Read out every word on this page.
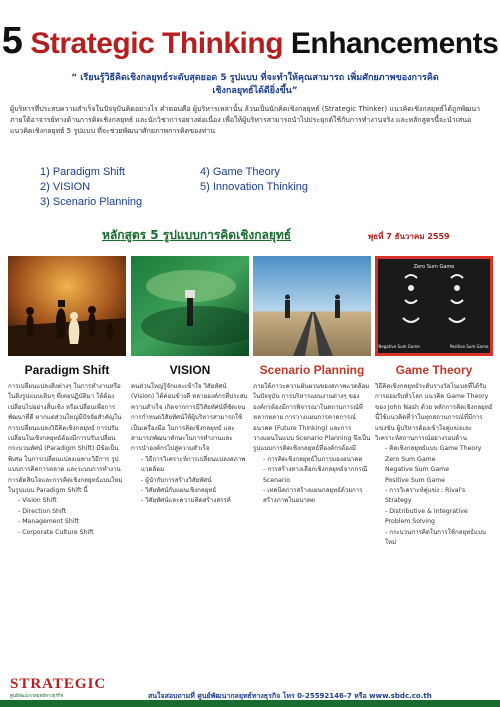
5 Strategic Thinking Enhancements
“ เรียนรู้วิธีคิดเชิงกลยุทธ์ระดับสุดยอด 5 รูปแบบ ที่จะทำให้คุณสามารถ เพิ่มศักยภาพของการคิดเชิงกลยุทธ์ได้ดียิ่งขึ้น”
ผู้บริหารที่ประสบความสำเร็จในปัจจุบันคิดอย่างไร คำตอบคือ ผู้บริหารเหล่านั้น ล้วนเป็นนักคิดเชิงกลยุทธ์ (Strategic Thinker) แนวคิดเชิงกลยุทธ์ได้ถูกพัฒนาภายใต้อาจารย์ทางด้านการคิดเชิงกลยุทธ์ และนักวิชาการอย่างต่อเนื่อง เพื่อให้ผู้บริหารสามารถนำไปประยุกต์ใช้กับการทำงานจริง และหลักสูตรนี้จะนำเสนอแนวคิดเชิงกลยุทธ์ 5 รูปแบบ ที่จะช่วยพัฒนาศักยภาพการคิดของท่าน
1) Paradigm Shift
2) VISION
3) Scenario Planning
4) Game Theory
5) Innovation Thinking
หลักสูตร 5 รูปแบบการคิดเชิงกลยุทธ์	พุธที่ 7 ธันวาคม 2559
Paradigm Shift
การเปลี่ยนแปลงสิ่งต่างๆ ในการทำงานหรือในสิ่งรูปแบบเดิมๆ ที่เคยปฏิบัติมา ให้ต้องเปลี่ยนไปอย่างสิ้นเชิง หรือเปลี่ยนเพื่อการพัฒนาที่ดี หากแต่ส่วนใหญ่มีปัจจัยสำคัญในการเปลี่ยนแปลงวิธีคิดเชิงกลยุทธ์ การปรับเปลี่ยนในเชิงกลยุทธ์ต้องมีการปรับเปลี่ยนกระบวนทัศน์ (Paradigm Shift) มีข้อเป็นพิเศษ ในการเปลี่ยนแปลงเฉพาะวิธีการ รูปแบบการคิดการตลาด และระบบการทำงาน การตัดสินใจและการคิดเชิงกลยุทธ์แบบใหม่ ในรูปแบบ Paradigm Shift นี้
- Vision Shift
- Direction Shift
- Management Shift
- Corporate Culture Shift
VISION
คนส่วนใหญ่รู้จักและเข้าใจ วิสัยทัศน์ (Vision) ได้ค่อนข้างดี หลายองค์กรที่ประสบความสำเร็จ เกิดจากการมีวิสัยทัศน์ที่ชัดเจน การกำหนดวิสัยทัศน์ให้ผู้บริหารสามารถใช้เป็นเครื่องมือ ในการคิดเชิงกลยุทธ์ และสามารถพัฒนาทักษะในการทำงานและการนำองค์กรไปสู่ความสำเร็จ
- วิธีการวิเคราะห์การเปลี่ยนแปลงสภาพแวดล้อม
- ผู้นำกับการสร้างวิสัยทัศน์
- วิสัยทัศน์กับแผนเชิงกลยุทธ์
- วิสัยทัศน์และความคิดสร้างสรรค์
Scenario Planning
ภายใต้ภาวะความผันผวนของสภาพแวดล้อมในปัจจุบัน การบริหารแผนงานต่างๆ ขององค์กรต้องมีการพิจารณาในสถานการณ์ที่หลากหลาย การวางแผนการคาดการณ์อนาคต (Future Thinking) และการวางแผนในแบบ Scenario Planning จึงเป็นรูปแบบการคิดเชิงกลยุทธ์ที่องค์กรต้องมี
- การคิดเชิงกลยุทธ์ในการมองอนาคต
- การสร้างทางเลือกเชิงกลยุทธ์จากกรณี Scenario
- เทคนิคการสร้างแผนกลยุทธ์ด้วยการสร้างภาพในอนาคต
Zero Sum Game
Negative Sum Game	Positive Sum Game
Game Theory
วิธีคิดเชิงกลยุทธ์ระดับรางวัลโนเบลที่ได้รับการยอมรับทั่วโลก แนวคิด Game Theory ของ John Nash ด้วย หลักการคิดเชิงกลยุทธ์นี้ใช้แนวคิดที่ว่าในทุกสถานการณ์ที่มีการแข่งขัน ผู้บริหารต้องเข้าใจคู่แข่งและวิเคราะห์สถานการณ์อย่างรอบด้าน
- คิดเชิงกลยุทธ์แบบ Game Theory
Zero Sum Game
Negative Sum Game
Positive Sum Game
- การวิเคราะห์คู่แข่ง : Rival's Strategy
- Distributive & Integrative Problem Solving
- กระบวนการคิดในการใช้กลยุทธ์แบบใหม่
STRATEGIC
ศูนย์พัฒนากลยุทธ์ทางธุรกิจ	สนใจสอบถามที่ ศูนย์พัฒนากลยุทธ์ทางธุรกิจ โทร 0-25592146-7 หรือ www.sbdc.co.th
